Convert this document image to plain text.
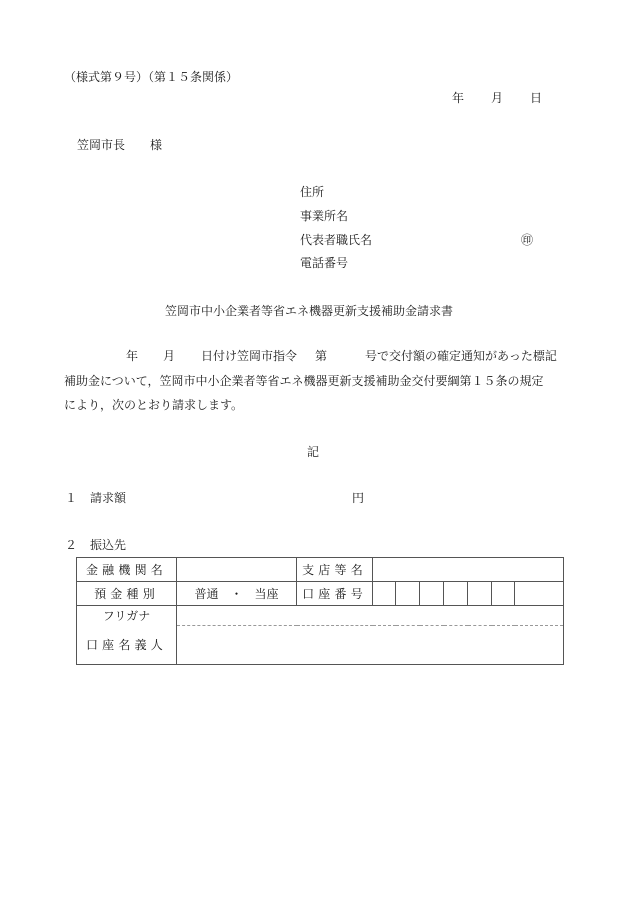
（様式第９号）（第１５条関係）
年 月 日
笠岡市長 様
住所
事業所名
代表者職氏名	㊞
電話番号
笠岡市中小企業者等省エネ機器更新支援補助金請求書
年 月 日付け笠岡市指令 第	号で交付額の確定通知があった標記
補助金について，笠岡市中小企業者等省エネ機器更新支援補助金交付要綱第１５条の規定
により，次のとおり請求します。
記
１ 請求額	円
２ 振込先
金融機関名		支店等名							
預金種別	普通　・　当座	口座番号							
フリガナ									
口座名義人									
